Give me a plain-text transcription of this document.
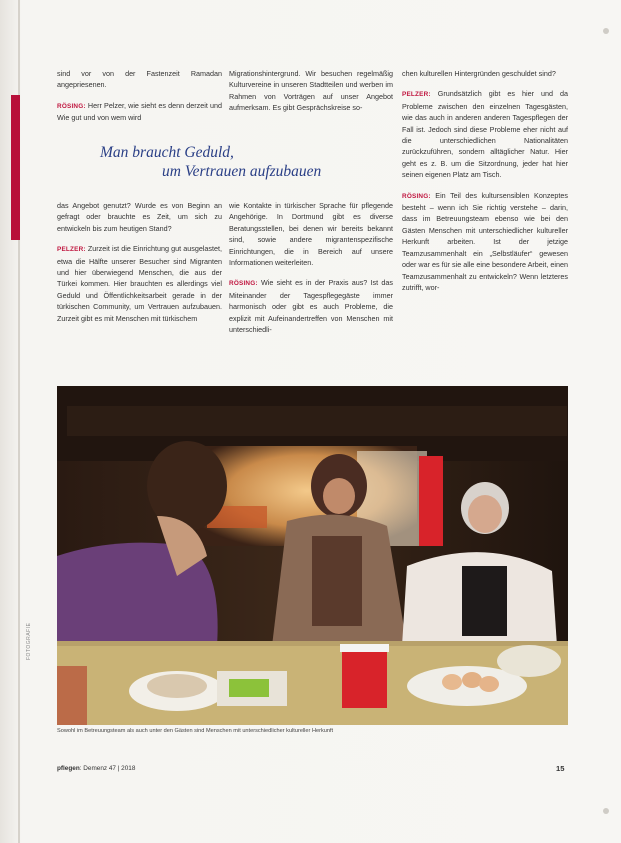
FOTOGRAFIE

sind vor von der Fastenzeit Ramadan angepriesenen.

RÖSING: Herr Pelzer, wie sieht es denn derzeit und Wie gut und von wem wird

das Angebot genutzt? Wurde es von Beginn an gefragt oder brauchte es Zeit, um sich zu entwickeln bis zum heutigen Stand?

PELZER: Zurzeit ist die Einrichtung gut ausgelastet, etwa die Hälfte unserer Besucher sind Migranten und hier überwiegend Menschen, die aus der Türkei kommen. Hier brauchten es allerdings viel Geduld und Öffentlichkeitsarbeit gerade in der türkischen Community, um Vertrauen aufzubauen. Zurzeit gibt es mit Menschen mit türkischem

Migrationshintergrund. Wir besuchen regelmäßig Kulturvereine in unseren Stadtteilen und werben im Rahmen von Vorträgen auf unser Angebot aufmerksam. Es gibt Gesprächskreise so-

wie Kontakte in türkischer Sprache für pflegende Angehörige. In Dortmund gibt es diverse Beratungsstellen, bei denen wir bereits bekannt sind, sowie andere migrantenspezifische Einrichtungen, die in Bereich auf unsere Informationen weiterleiten.

RÖSING: Wie sieht es in der Praxis aus? Ist das Miteinander der Tagespflegegäste immer harmonisch oder gibt es auch Probleme, die explizit mit Aufeinandertreffen von Menschen mit unterschiedli-

chen kulturellen Hintergründen geschuldet sind?

PELZER: Grundsätzlich gibt es hier und da Probleme zwischen den einzelnen Tagesgästen, wie das auch in anderen anderen Tagespflegen der Fall ist. Jedoch sind diese Probleme eher nicht auf die unterschiedlichen Nationalitäten zurückzuführen, sondern alltäglicher Natur. Hier geht es z. B. um die Sitzordnung, jeder hat hier seinen eigenen Platz am Tisch.

RÖSING: Ein Teil des kultursensiblen Konzeptes besteht – wenn ich Sie richtig verstehe – darin, dass im Betreuungsteam ebenso wie bei den Gästen Menschen mit unterschiedlicher kultureller Herkunft arbeiten. Ist der jetzige Teamzusammenhalt ein „Selbstläufer“ gewesen oder war es für sie alle eine besondere Arbeit, einen Teamzusammenhalt zu entwickeln? Wenn letzteres zutrifft, wor-

Man braucht Geduld,
um Vertrauen aufzubauen
Sowohl im Betreuungsteam als auch unter den Gästen sind Menschen mit unterschiedlicher kultureller Herkunft
pflegen: Demenz 47 | 2018	15
